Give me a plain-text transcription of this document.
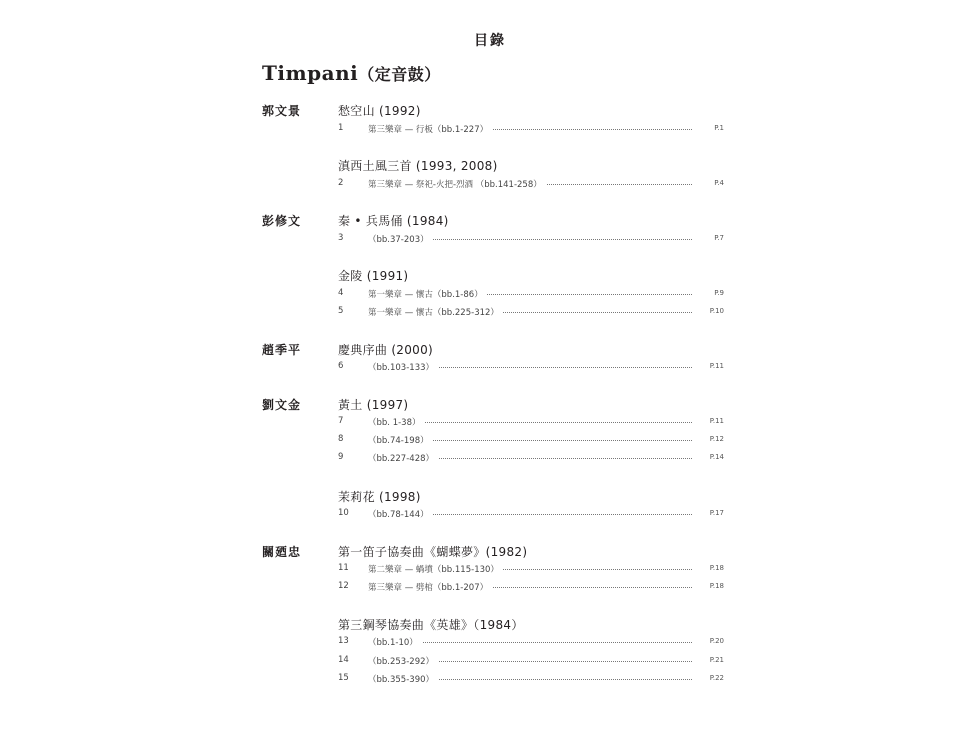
目錄
Timpani（定音鼓）
郭文景	愁空山 (1992)
1	第三樂章 — 行板（bb.1-227）	P.1
滇西土風三首 (1993, 2008)
2	第三樂章 — 祭祀-火把-烈酒 （bb.141-258）	P.4
彭修文	秦 • 兵馬俑 (1984)
3	（bb.37-203）	P.7
金陵 (1991)
4	第一樂章 — 懷古（bb.1-86）	P.9
5	第一樂章 — 懷古（bb.225-312）	P.10
趙季平	慶典序曲 (2000)
6	（bb.103-133）	P.11
劉文金	黃土 (1997)
7	（bb. 1-38）	P.11
8	（bb.74-198）	P.12
9	（bb.227-428）	P.14
茉莉花 (1998)
10 （bb.78-144）	P.17
關廼忠	第一笛子協奏曲《蝴蝶夢》(1982)
11 第二樂章 — 蝸墳（bb.115-130）	P.18
12 第三樂章 — 劈棺（bb.1-207）	P.18
第三鋼琴協奏曲《英雄》（1984）
13 （bb.1-10）	P.20
14 （bb.253-292）	P.21
15 （bb.355-390）	P.22
